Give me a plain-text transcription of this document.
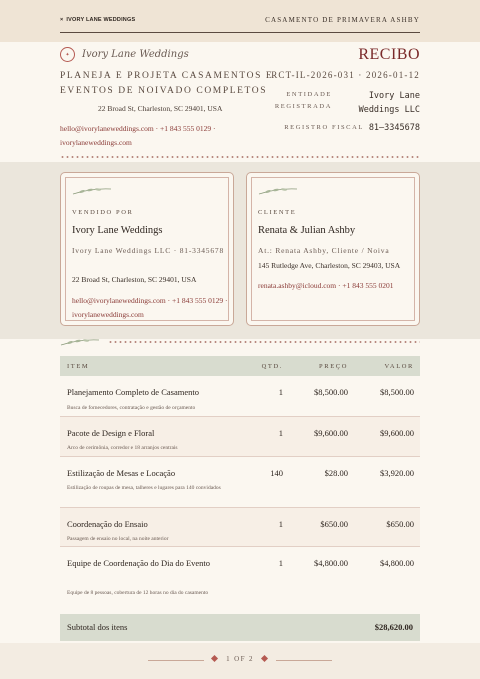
× IVORY LANE WEDDINGS	CASAMENTO DE PRIMAVERA ASHBY
✦	Ivory Lane Weddings
PLANEJA E PROJETA CASAMENTOS E EVENTOS DE NOIVADO COMPLETOS
22 Broad St, Charleston, SC 29401, USA
hello@ivorylaneweddings.com · +1 843 555 0129 · ivorylaneweddings.com
RECIBO
RCT-IL-2026-031 · 2026-01-12
ENTIDADE REGISTRADA
Ivory Lane Weddings LLC
REGISTRO FISCAL 81–3345678
VENDIDO POR
Ivory Lane Weddings
Ivory Lane Weddings LLC · 81-3345678
22 Broad St, Charleston, SC 29401, USA
hello@ivorylaneweddings.com · +1 843 555 0129 · ivorylaneweddings.com
CLIENTE
Renata & Julian Ashby
At.: Renata Ashby, Cliente / Noiva
145 Rutledge Ave, Charleston, SC 29403, USA
renata.ashby@icloud.com · +1 843 555 0201
ITEM	QTD.	PREÇO	VALOR
Planejamento Completo de Casamento
Busca de fornecedores, contratação e gestão de orçamento
1	$8,500.00	$8,500.00
Pacote de Design e Floral
Arco de cerimônia, corredor e 18 arranjos centrais
1	$9,600.00	$9,600.00
Estilização de Mesas e Locação
Estilização de roupas de mesa, talheres e lugares para 140 convidados
140	$28.00	$3,920.00
Coordenação do Ensaio
Passagem de ensaio no local, na noite anterior
1	$650.00	$650.00
Equipe de Coordenação do Dia do Evento
Equipe de 8 pessoas, cobertura de 12 horas no dia do casamento
1	$4,800.00	$4,800.00
Subtotal dos itens	$28,620.00
1 OF 2
